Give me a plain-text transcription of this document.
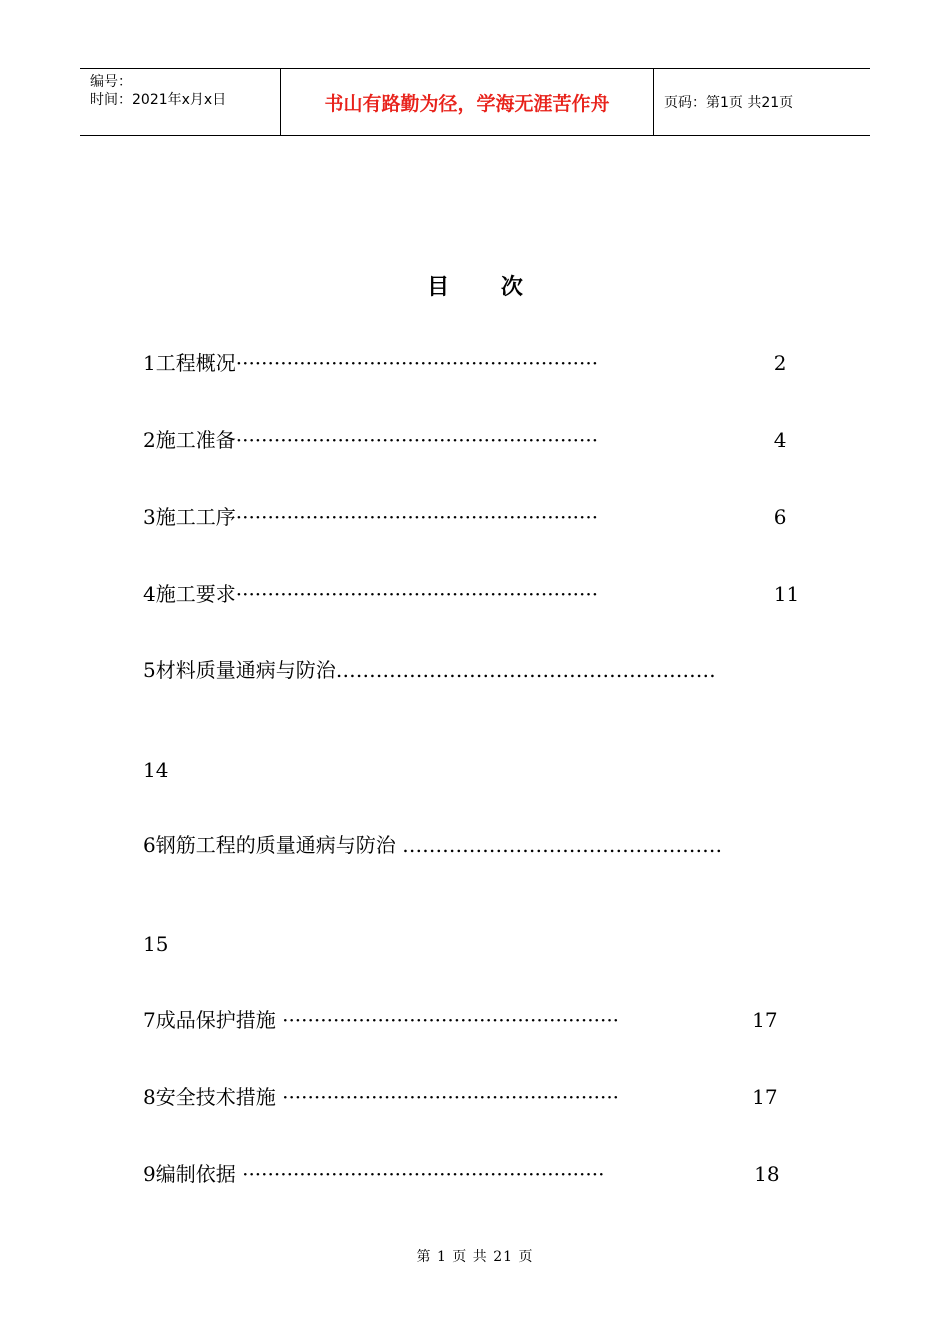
编号：
时间：2021年x月x日	书山有路勤为径，学海无涯苦作舟	页码：第1页 共21页
目 次
1工程概况·························································	2
2施工准备·························································	4
3施工工序·························································	6
4施工要求·························································	11
5材料质量通病与防治…………………………………………………
14
6钢筋工程的质量通病与防治 …………………………………………
15
7成品保护措施 ·····················································	17
8安全技术措施 ·····················································	17
9编制依据 ·························································	18
第 1 页 共 21 页
